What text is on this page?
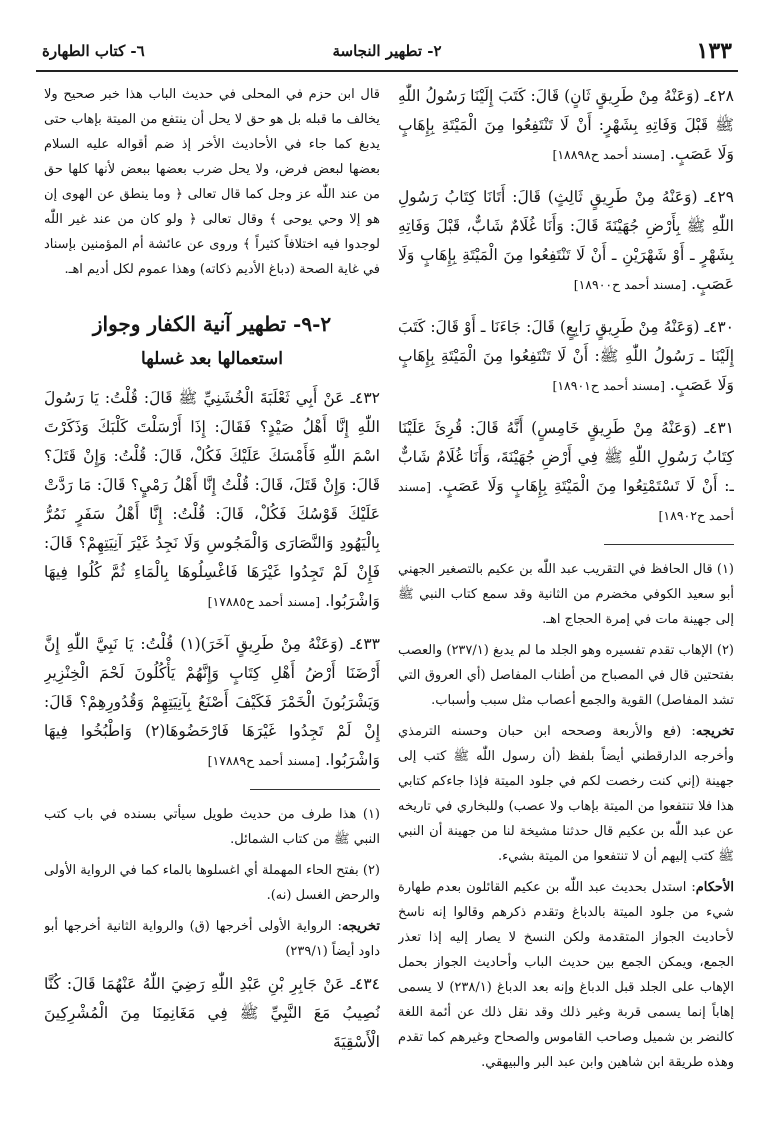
١٣٣
٢- تطهير النجاسة
٦- كتاب الطهارة
٤٢٨ـ (وَعَنْهُ مِنْ طَرِيقٍ ثَانٍ) قَالَ: كَتَبَ إِلَيْنَا رَسُولُ اللّٰهِ ﷺ قَبْلَ وَفَاتِهِ بِشَهْرٍ: أَنْ لَا تَنْتَفِعُوا مِنَ الْمَيْتَةِ بِإِهَابٍ وَلَا عَصَبٍ. [مسند أحمد ح١٨٨٩٨]
٤٢٩ـ (وَعَنْهُ مِنْ طَرِيقٍ ثَالِثٍ) قَالَ: أَتَانَا كِتَابُ رَسُولِ اللّٰهِ ﷺ بِأَرْضِ جُهَيْنَةَ قَالَ: وَأَنَا غُلَامٌ شَابٌّ، قَبْلَ وَفَاتِهِ بِشَهْرٍ ـ أَوْ شَهْرَيْنِ ـ أَنْ لَا تَنْتَفِعُوا مِنَ الْمَيْتَةِ بِإِهَابٍ وَلَا عَصَبٍ. [مسند أحمد ح١٨٩٠٠]
٤٣٠ـ (وَعَنْهُ مِنْ طَرِيقٍ رَابِعٍ) قَالَ: جَاءَنَا ـ أَوْ قَالَ: كَتَبَ إِلَيْنَا ـ رَسُولُ اللّٰهِ ﷺ: أَنْ لَا تَنْتَفِعُوا مِنَ الْمَيْتَةِ بِإِهَابٍ وَلَا عَصَبٍ. [مسند أحمد ح١٨٩٠١]
٤٣١ـ (وَعَنْهُ مِنْ طَرِيقٍ خَامِسٍ) أَنَّهُ قَالَ: قُرِئَ عَلَيْنَا كِتَابُ رَسُولِ اللّٰهِ ﷺ فِي أَرْضِ جُهَيْنَةَ، وَأَنَا غُلَامٌ شَابٌّ ـ: أَنْ لَا تَسْتَمْتِعُوا مِنَ الْمَيْتَةِ بِإِهَابٍ وَلَا عَصَبٍ. [مسند أحمد ح١٨٩٠٢]

(١) قال الحافظ في التقريب عبد اللّٰه بن عكيم بالتصغير الجهني أبو سعيد الكوفي مخضرم من الثانية وقد سمع كتاب النبي ﷺ إلى جهينة مات في إمرة الحجاج اهـ.

(٢) الإهاب تقدم تفسيره وهو الجلد ما لم يدبغ (٢٣٧/١) والعصب بفتحتين قال في المصباح من أطناب المفاصل (أي العروق التي تشد المفاصل) القوية والجمع أعصاب مثل سبب وأسباب.

تخريجه: (فع والأربعة وصححه ابن حبان وحسنه الترمذي وأخرجه الدارقطني أيضاً بلفظ (أن رسول اللّٰه ﷺ كتب إلى جهينة (إني كنت رخصت لكم في جلود الميتة فإذا جاءكم كتابي هذا فلا تنتفعوا من الميتة بإهاب ولا عصب) وللبخاري في تاريخه عن عبد اللّٰه بن عكيم قال حدثنا مشيخة لنا من جهينة أن النبي ﷺ كتب إليهم أن لا تنتفعوا من الميتة بشيء.

الأحكام: استدل بحديث عبد اللّٰه بن عكيم القائلون بعدم طهارة شيء من جلود الميتة بالدباغ وتقدم ذكرهم وقالوا إنه ناسخ لأحاديث الجواز المتقدمة ولكن النسخ لا يصار إليه إذا تعذر الجمع، ويمكن الجمع بين حديث الباب وأحاديث الجواز بحمل الإهاب على الجلد قبل الدباغ وإنه بعد الدباغ (٢٣٨/١) لا يسمى إهاباً إنما يسمى قربة وغير ذلك وقد نقل ذلك عن أئمة اللغة كالنضر بن شميل وصاحب القاموس والصحاح وغيرهم كما تقدم وهذه طريقة ابن شاهين وابن عبد البر والبيهقي.

قال ابن حزم في المحلى في حديث الباب هذا خبر صحيح ولا يخالف ما قبله بل هو حق لا يحل أن ينتفع من الميتة بإهاب حتى يدبغ كما جاء في الأحاديث الأخر إذ ضم أقواله عليه السلام بعضها لبعض فرض، ولا يحل ضرب بعضها ببعض لأنها كلها حق من عند اللّٰه عز وجل كما قال تعالى ﴿ وما ينطق عن الهوى إن هو إلا وحي يوحى ﴾ وقال تعالى ﴿ ولو كان من عند غير اللّٰه لوجدوا فيه اختلافاً كثيراً ﴾ وروى عن عائشة أم المؤمنين بإسناد في غاية الصحة (دباغ الأديم ذكاته) وهذا عموم لكل أديم اهـ.

٢-٩- تطهير آنية الكفار وجواز
استعمالها بعد غسلها
٤٣٢ـ عَنْ أَبِي ثَعْلَبَةَ الْخُشَنِيِّ ﷺ قَالَ: قُلْتُ: يَا رَسُولَ اللّٰهِ إِنَّا أَهْلُ صَيْدٍ؟ فَقَالَ: إِذَا أَرْسَلْتَ كَلْبَكَ وَذَكَرْتَ اسْمَ اللّٰهِ فَأَمْسَكَ عَلَيْكَ فَكُلْ، قَالَ: قُلْتُ: وَإِنْ قَتَلَ؟ قَالَ: وَإِنْ قَتَلَ، قَالَ: قُلْتُ إِنَّا أَهْلُ رَمْيٍ؟ قَالَ: مَا رَدَّتْ عَلَيْكَ قَوْسُكَ فَكُلْ، قَالَ: قُلْتُ: إِنَّا أَهْلُ سَفَرٍ نَمُرُّ بِالْيَهُودِ وَالنَّصَارَى وَالْمَجُوسِ وَلَا نَجِدُ غَيْرَ آنِيَتِهِمْ؟ قَالَ: فَإِنْ لَمْ تَجِدُوا غَيْرَهَا فَاغْسِلُوهَا بِالْمَاءِ ثُمَّ كُلُوا فِيهَا وَاشْرَبُوا. [مسند أحمد ح١٧٨٨٥]
٤٣٣ـ (وَعَنْهُ مِنْ طَرِيقٍ آخَرَ)(١) قُلْتُ: يَا نَبِيَّ اللّٰهِ إِنَّ أَرْضَنَا أَرْضُ أَهْلِ كِتَابٍ وَإِنَّهُمْ يَأْكُلُونَ لَحْمَ الْخِنْزِيرِ وَيَشْرَبُونَ الْخَمْرَ فَكَيْفَ أَصْنَعُ بِآنِيَتِهِمْ وَقُدُورِهِمْ؟ قَالَ: إِنْ لَمْ تَجِدُوا غَيْرَهَا فَارْحَضُوهَا(٢) وَاطْبُخُوا فِيهَا وَاشْرَبُوا. [مسند أحمد ح١٧٨٨٩]

(١) هذا طرف من حديث طويل سيأتي بسنده في باب كتب النبي ﷺ من كتاب الشمائل.

(٢) بفتح الحاء المهملة أي اغسلوها بالماء كما في الرواية الأولى والرحض الغسل (نه).

تخريجه: الرواية الأولى أخرجها (ق) والرواية الثانية أخرجها أبو داود أيضاً (٢٣٩/١)

٤٣٤ـ عَنْ جَابِرِ بْنِ عَبْدِ اللّٰهِ رَضِيَ اللّٰهُ عَنْهُمَا قَالَ: كُنَّا نُصِيبُ مَعَ النَّبِيِّ ﷺ فِي مَغَانِمِنَا مِنَ الْمُشْرِكِينَ الْأَسْقِيَةَ
